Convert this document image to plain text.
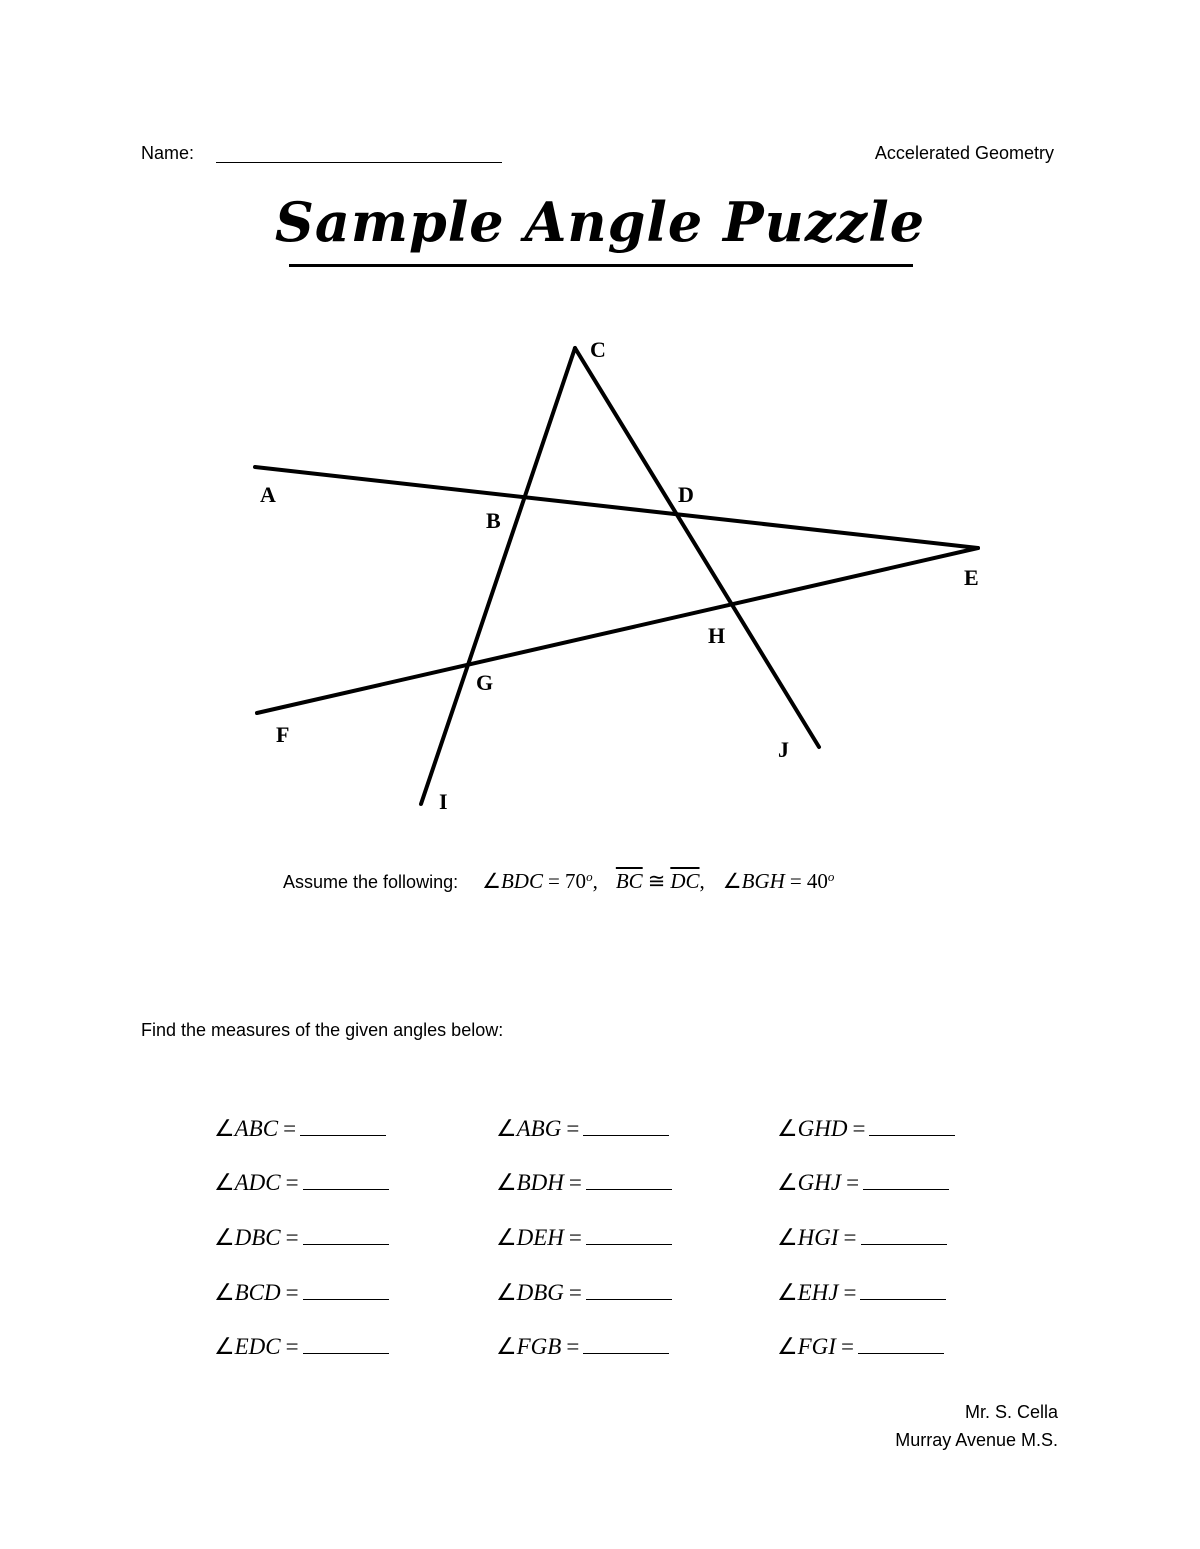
Name:	Accelerated Geometry
Sample Angle Puzzle
C
A
B
D
E
H
G
F
J
I
Assume the following: ∠BDC = $70^o$, $\overline{BC}$ ≅ $\overline{DC}$, ∠BGH = $40^o$
Find the measures of the given angles below:
∠ABC =
∠ADC =
∠DBC =
∠BCD =
∠EDC =
∠ABG =
∠BDH =
∠DEH =
∠DBG =
∠FGB =
∠GHD =
∠GHJ =
∠HGI =
∠EHJ =
∠FGI =
Mr. S. Cella
Murray Avenue M.S.
